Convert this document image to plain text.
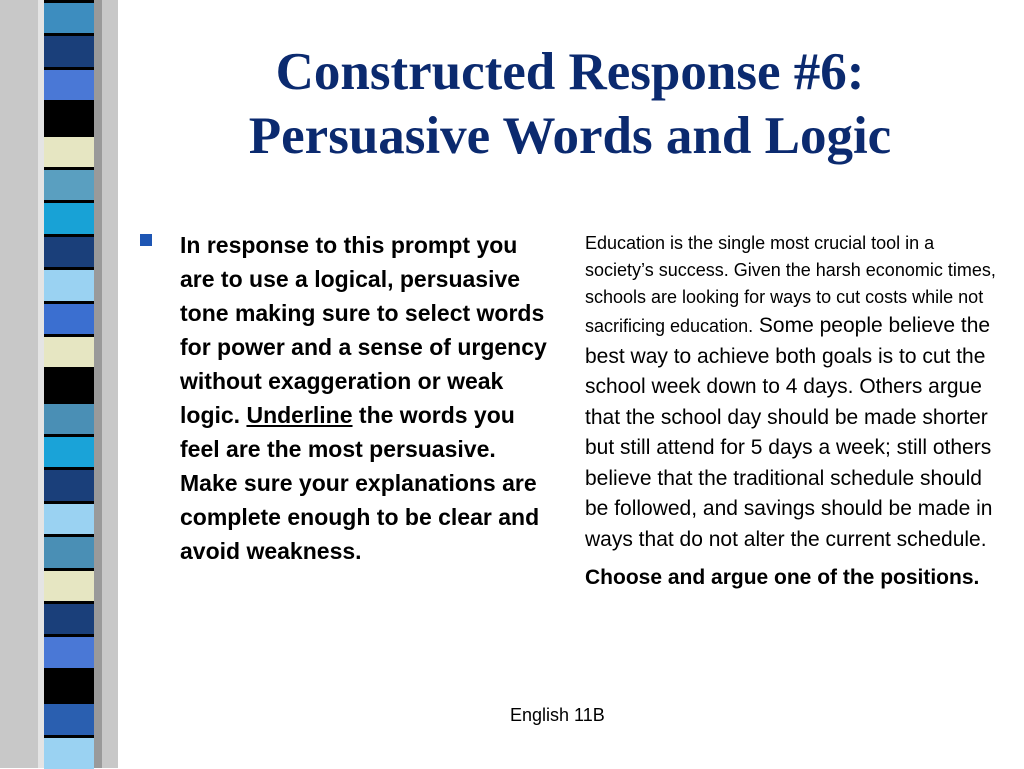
Constructed Response #6:
Persuasive Words and Logic
In response to this prompt you are to use a logical, persuasive tone making sure to select words for power and a sense of urgency without exaggeration or weak logic. Underline the words you feel are the most persuasive. Make sure your explanations are complete enough to be clear and avoid weakness.

Education is the single most crucial tool in a society’s success. Given the harsh economic times, schools are looking for ways to cut costs while not sacrificing education. Some people believe the best way to achieve both goals is to cut the school week down to 4 days. Others argue that the school day should be made shorter but still attend for 5 days a week; still others believe that the traditional schedule should be followed, and savings should be made in ways that do not alter the current schedule.

Choose and argue one of the positions.

English 11B
